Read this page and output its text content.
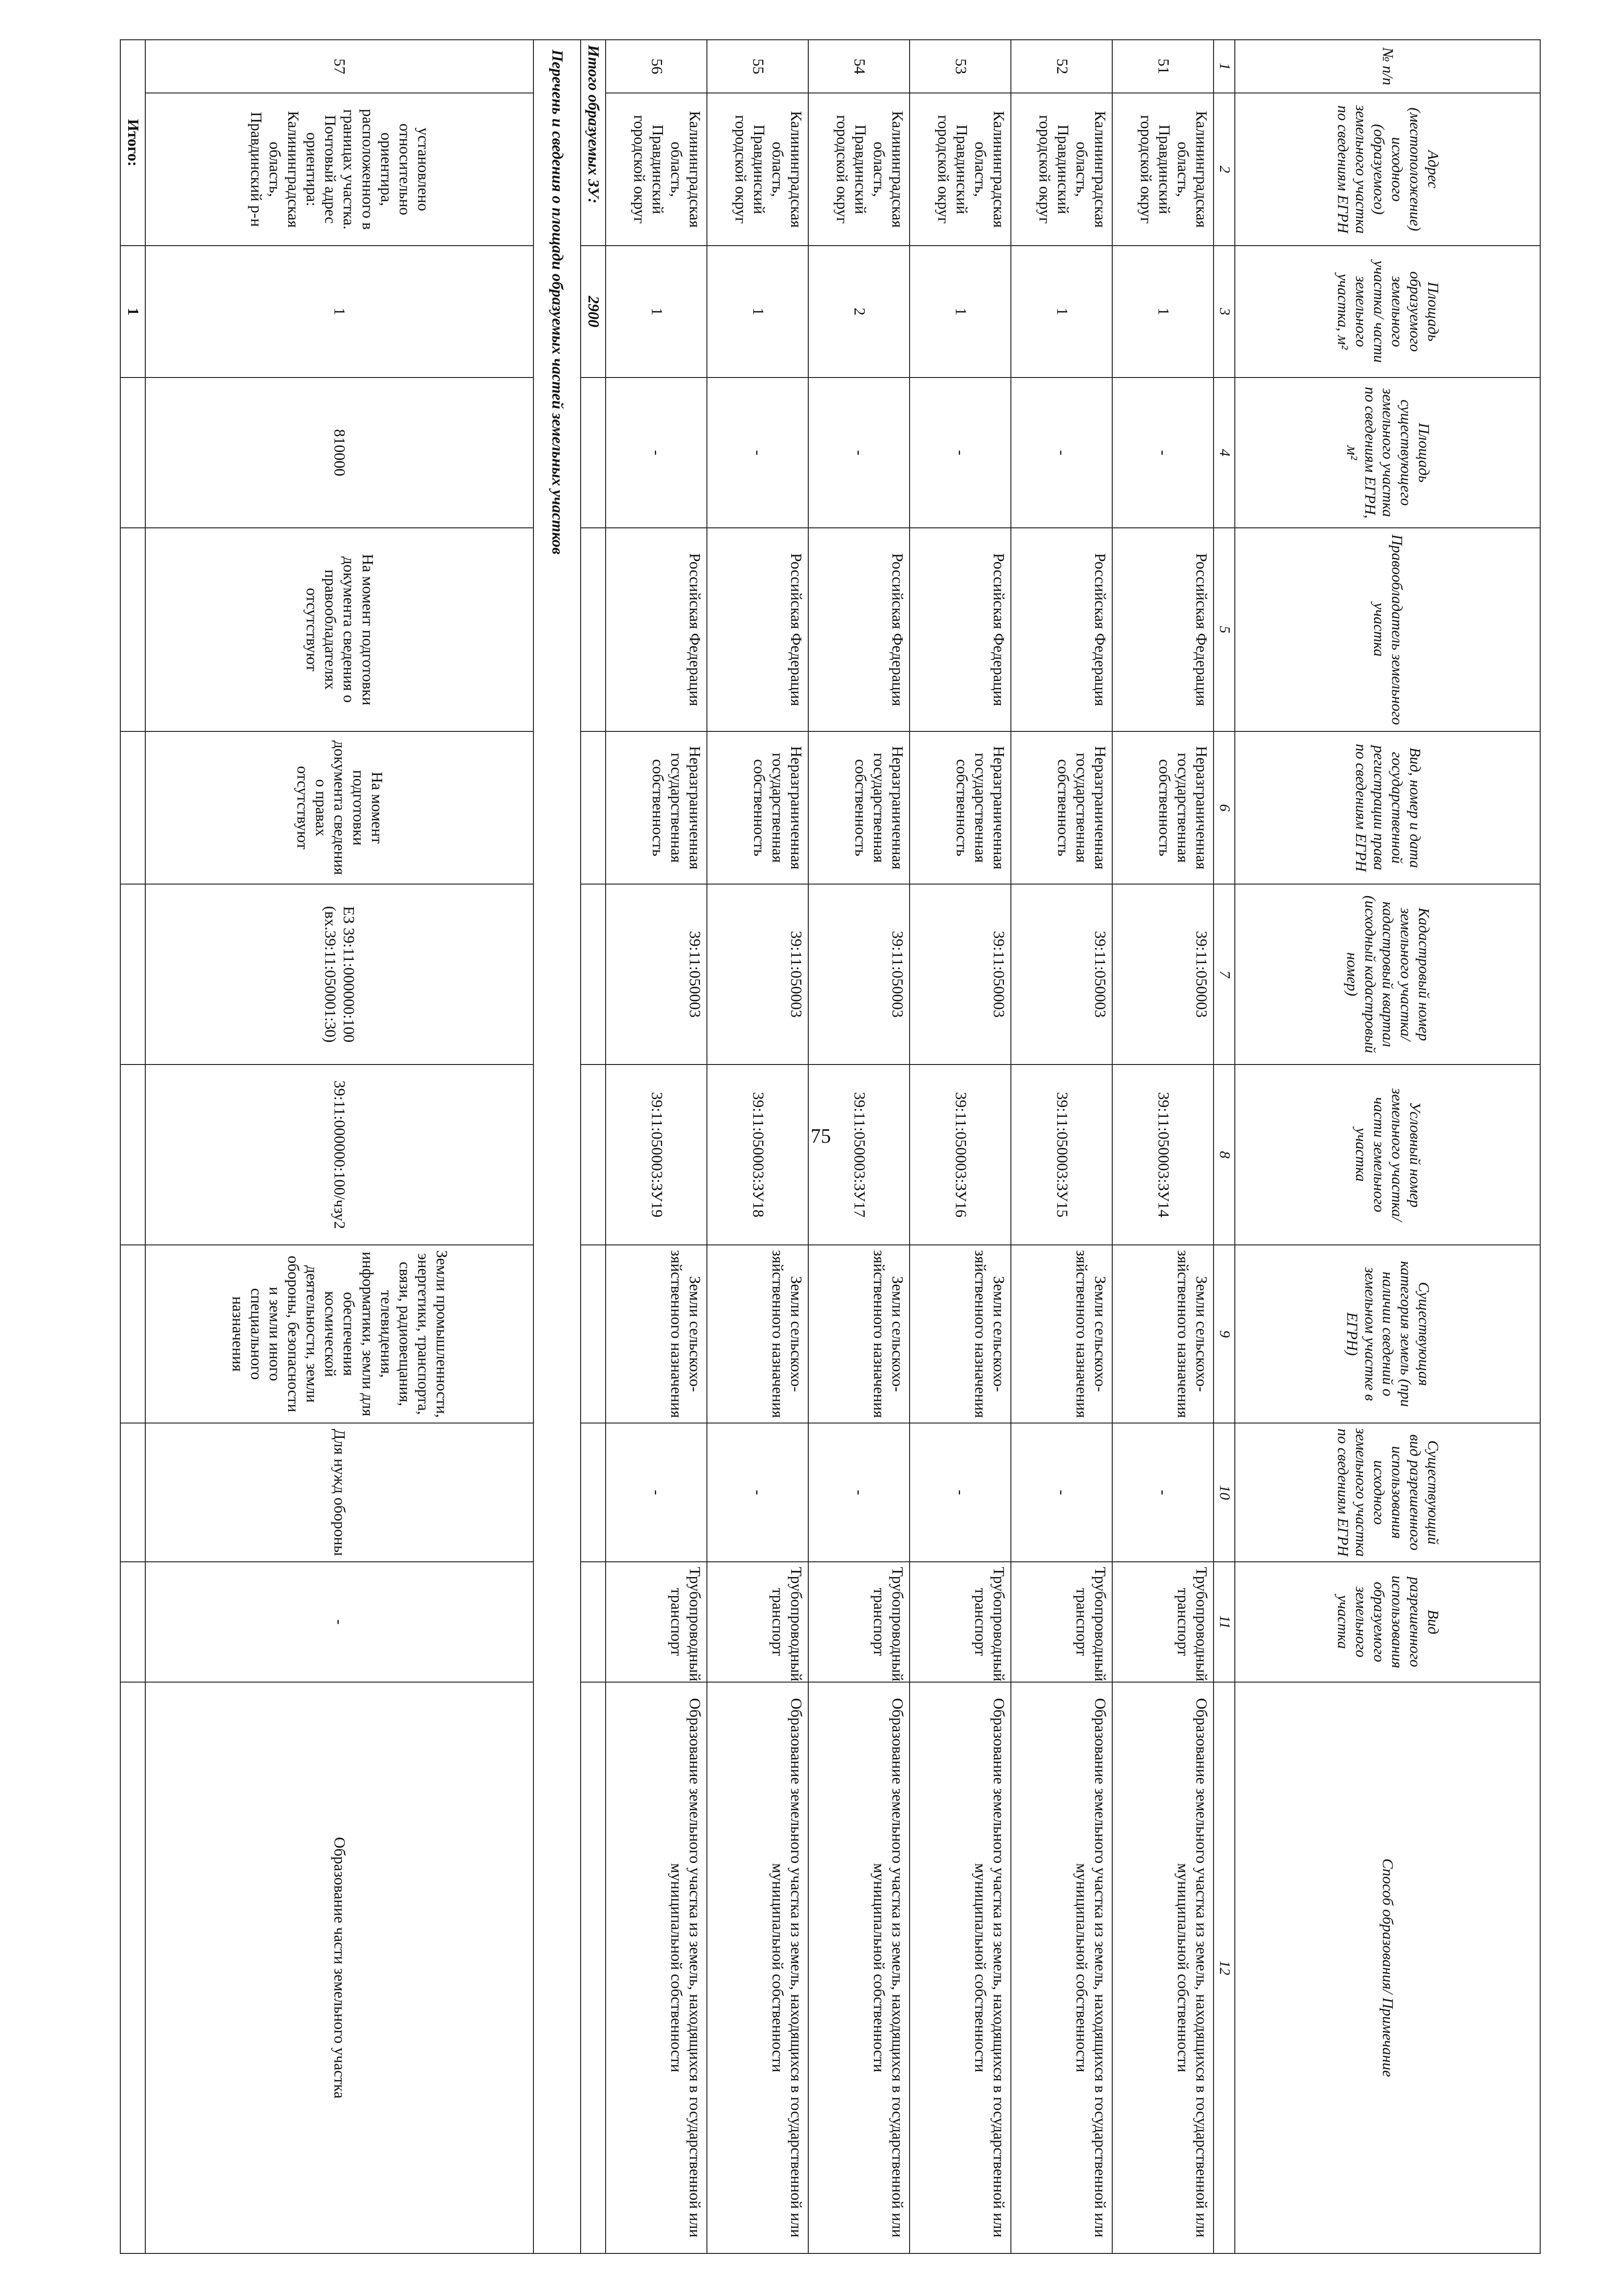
75
№ п/п	Адрес (местоположение) исходного (образуемого) земельного участка по сведениям ЕГРН	Площадь образуемого земельного участка/ части земельного участка, м²	Площадь существующего земельного участка по сведениям ЕГРН, м²	Правообладатель земельного участка	Вид, номер и дата государственной регистрации права по сведениям ЕГРН	Кадастровый номер земельного участка/ кадастровый квартал (исходный кадастровый номер)	Условный номер земельного участка/части земельного участка	Существующая категория земель (при наличии сведений о земельном участке в ЕГРН)	Существующий вид разрешенного использования исходного земельного участка по сведениям ЕГРН	Вид разрешенного использования образуемого земельного участка	Способ образования/ Примечание
1	2	3	4	5	6	7	8	9	10	11	12
51	Калининградская область, Правдинский городской округ	1	-	Российская Федерация	Неразграниченная государственная собственность	39:11:050003	39:11:050003:ЗУ14	Земли сельскохо-зяйственного назначения	-	Трубопроводный транспорт	Образование земельного участка из земель, находящихся в государственной или муниципальной собственности
52	Калининградская область, Правдинский городской округ	1	-	Российская Федерация	Неразграниченная государственная собственность	39:11:050003	39:11:050003:ЗУ15	Земли сельскохо-зяйственного назначения	-	Трубопроводный транспорт	Образование земельного участка из земель, находящихся в государственной или муниципальной собственности
53	Калининградская область, Правдинский городской округ	1	-	Российская Федерация	Неразграниченная государственная собственность	39:11:050003	39:11:050003:ЗУ16	Земли сельскохо-зяйственного назначения	-	Трубопроводный транспорт	Образование земельного участка из земель, находящихся в государственной или муниципальной собственности
54	Калининградская область, Правдинский городской округ	2	-	Российская Федерация	Неразграниченная государственная собственность	39:11:050003	39:11:050003:ЗУ17	Земли сельскохо-зяйственного назначения	-	Трубопроводный транспорт	Образование земельного участка из земель, находящихся в государственной или муниципальной собственности
55	Калининградская область, Правдинский городской округ	1	-	Российская Федерация	Неразграниченная государственная собственность	39:11:050003	39:11:050003:ЗУ18	Земли сельскохо-зяйственного назначения	-	Трубопроводный транспорт	Образование земельного участка из земель, находящихся в государственной или муниципальной собственности
56	Калининградская область, Правдинский городской округ	1	-	Российская Федерация	Неразграниченная государственная собственность	39:11:050003	39:11:050003:ЗУ19	Земли сельскохо-зяйственного назначения	-	Трубопроводный транспорт	Образование земельного участка из земель, находящихся в государственной или муниципальной собственности
Итого образуемых ЗУ:		2900									
Перечень и сведения о площади образуемых частей земельных участков											
57	установлено относительно ориентира, расположенного в границах участка. Почтовый адрес ориентира: Калининградская область, Правдинский р-н	1	810000	На момент подготовки документа сведения о правообладателях отсутствуют	На момент подготовки документа сведения о правах отсутствуют	ЕЗ 39:11:000000:100 (вх.39:11:050001:30)	39:11:000000:100/чзу2	Земли промышленности, энергетики, транспорта, связи, радиовещания, телевидения, информатики, земли для обеспечения космической деятельности, земли обороны, безопасности и земли иного специального назначения	Для нужд обороны	-	Образование части земельного участка
Итого:		1									
